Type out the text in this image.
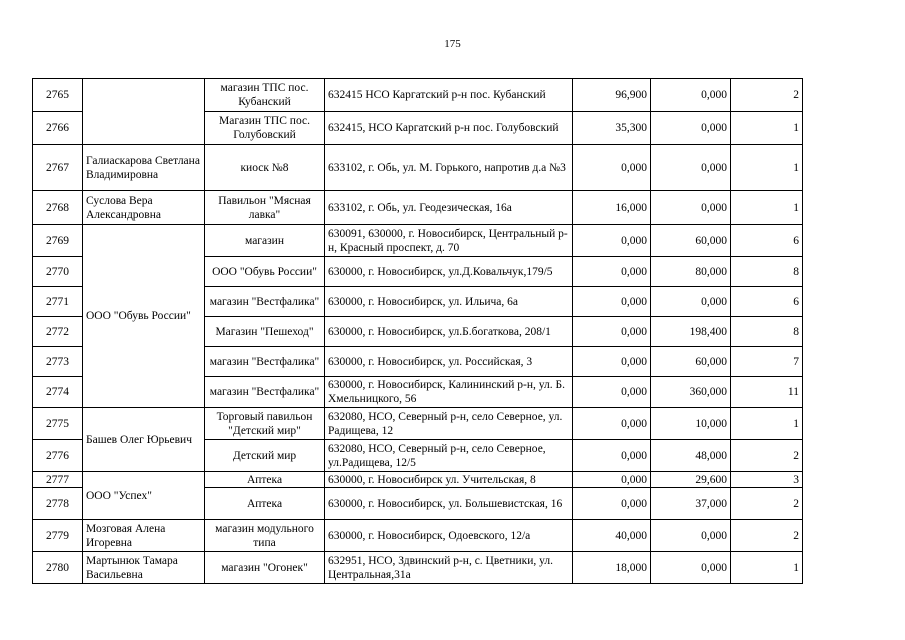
175
2765		магазин ТПС пос. Кубанский	632415 НСО Каргатский р-н пос. Кубанский	96,900	0,000	2
2766		Магазин ТПС пос. Голубовский	632415, НСО Каргатский р-н пос. Голубовский	35,300	0,000	1
2767	Галиаскарова Светлана Владимировна	киоск №8	633102, г. Обь, ул. М. Горького, напротив д.а №3	0,000	0,000	1
2768	Суслова Вера Александровна	Павильон "Мясная лавка"	633102, г. Обь, ул. Геодезическая, 16а	16,000	0,000	1
2769	ООО "Обувь России"	магазин	630091, 630000, г. Новосибирск, Центральный р-н, Красный проспект, д. 70	0,000	60,000	6
2770		ООО "Обувь России"	630000, г. Новосибирск, ул.Д.Ковальчук,179/5	0,000	80,000	8
2771		магазин "Вестфалика"	630000, г. Новосибирск, ул. Ильича, 6а	0,000	0,000	6
2772		Магазин "Пешеход"	630000, г. Новосибирск, ул.Б.богаткова, 208/1	0,000	198,400	8
2773		магазин "Вестфалика"	630000, г. Новосибирск, ул. Российская, 3	0,000	60,000	7
2774		магазин "Вестфалика"	630000, г. Новосибирск, Калининский р-н, ул. Б. Хмельницкого, 56	0,000	360,000	11
2775	Башев Олег Юрьевич	Торговый павильон "Детский мир"	632080, НСО, Северный р-н, село Северное, ул. Радищева, 12	0,000	10,000	1
2776		Детский мир	632080, НСО, Северный р-н, село Северное, ул.Радищева, 12/5	0,000	48,000	2
2777	ООО "Успех"	Аптека	630000, г. Новосибирск ул. Учительская, 8	0,000	29,600	3
2778		Аптека	630000, г. Новосибирск, ул. Большевистская, 16	0,000	37,000	2
2779	Мозговая Алена Игоревна	магазин модульного типа	630000, г. Новосибирск, Одоевского, 12/а	40,000	0,000	2
2780	Мартынюк Тамара Васильевна	магазин "Огонек"	632951, НСО, Здвинский р-н, с. Цветники, ул. Центральная,31а	18,000	0,000	1
